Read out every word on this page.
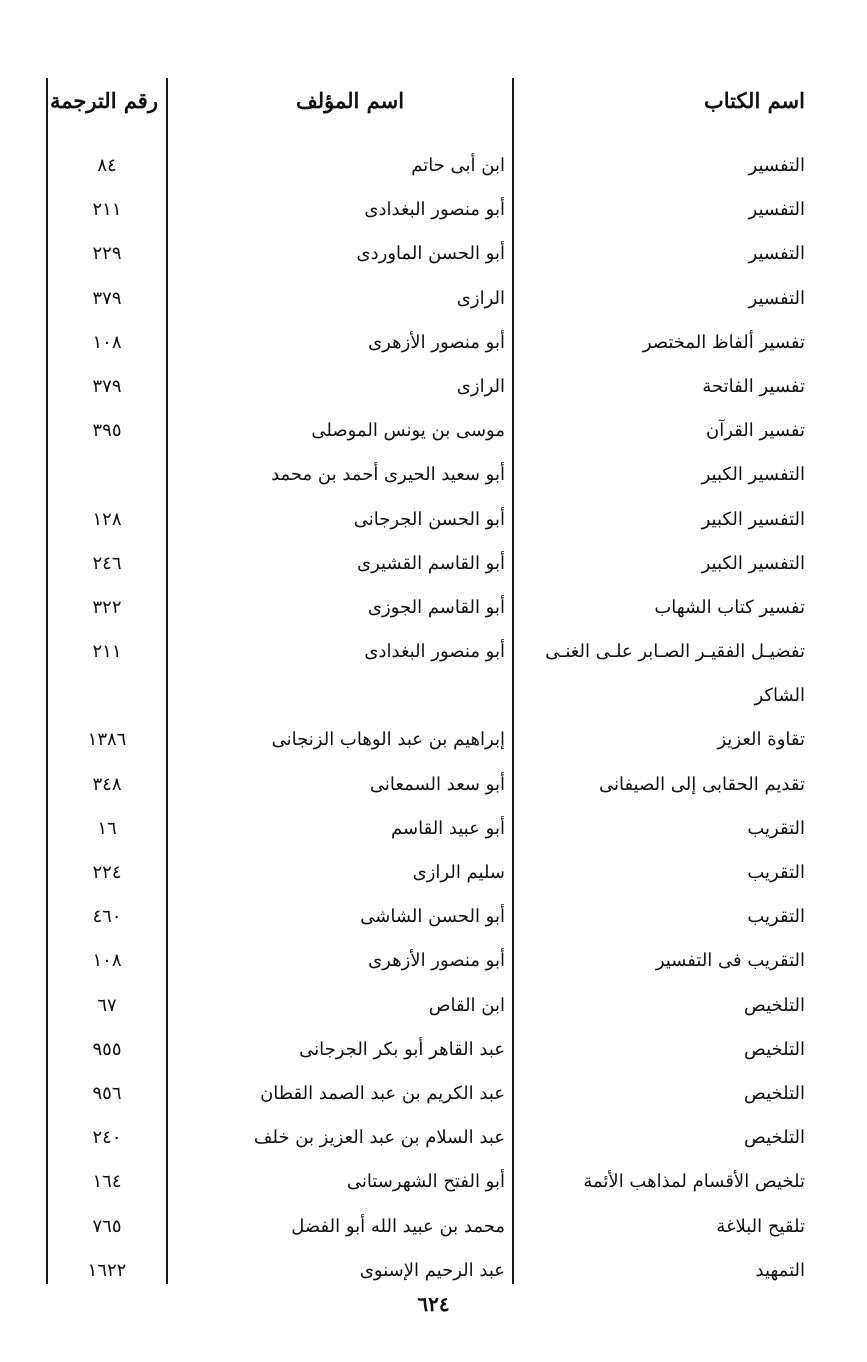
اسم الكتاب
اسم المؤلف
رقم الترجمة
التفسير
ابن أبى حاتم
٨٤
التفسير
أبو منصور البغدادى
٢١١
التفسير
أبو الحسن الماوردى
٢٢٩
التفسير
الرازى
٣٧٩
تفسير ألفاظ المختصر
أبو منصور الأزهرى
١٠٨
تفسير الفاتحة
الرازى
٣٧٩
تفسير القرآن
موسى بن يونس الموصلى
٣٩٥
التفسير الكبير
أبو سعيد الحيرى أحمد بن محمد
التفسير الكبير
أبو الحسن الجرجانى
١٢٨
التفسير الكبير
أبو القاسم القشيرى
٢٤٦
تفسير كتاب الشهاب
أبو القاسم الجوزى
٣٢٢
تفضيـل الفقيـر الصـابر علـى الغنـى
أبو منصور البغدادى
٢١١
الشاكر
تقاوة العزيز
إبراهيم بن عبد الوهاب الزنجانى
١٣٨٦
تقديم الحقابى إلى الصيفانى
أبو سعد السمعانى
٣٤٨
التقريب
أبو عبيد القاسم
١٦
التقريب
سليم الرازى
٢٢٤
التقريب
أبو الحسن الشاشى
٤٦٠
التقريب فى التفسير
أبو منصور الأزهرى
١٠٨
التلخيص
ابن القاص
٦٧
التلخيص
عبد القاهر أبو بكر الجرجانى
٩٥٥
التلخيص
عبد الكريم بن عبد الصمد القطان
٩٥٦
التلخيص
عبد السلام بن عبد العزيز بن خلف
٢٤٠
تلخيص الأقسام لمذاهب الأئمة
أبو الفتح الشهرستانى
١٦٤
تلقيح البلاغة
محمد بن عبيد الله أبو الفضل
٧٦٥
التمهيد
عبد الرحيم الإسنوى
١٦٢٢
٦٢٤
